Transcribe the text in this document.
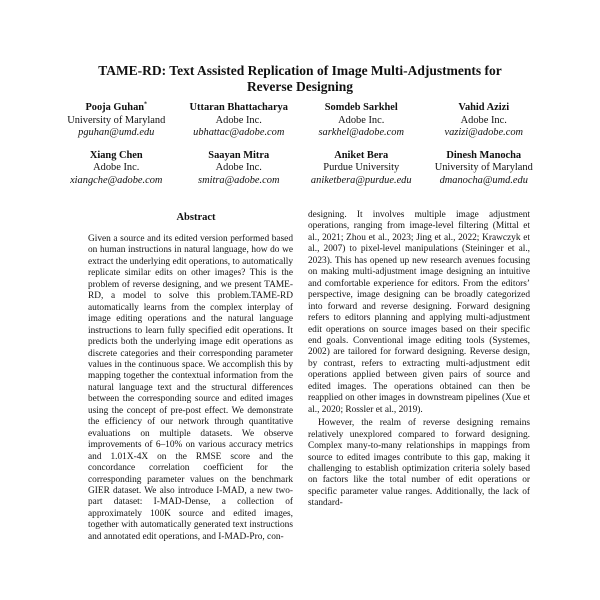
TAME-RD: Text Assisted Replication of Image Multi-Adjustments for
Reverse Designing
Pooja Guhan*
University of Maryland
pguhan@umd.edu
Uttaran Bhattacharya
Adobe Inc.
ubhattac@adobe.com
Somdeb Sarkhel
Adobe Inc.
sarkhel@adobe.com
Vahid Azizi
Adobe Inc.
vazizi@adobe.com
Xiang Chen
Adobe Inc.
xiangche@adobe.com
Saayan Mitra
Adobe Inc.
smitra@adobe.com
Aniket Bera
Purdue University
aniketbera@purdue.edu
Dinesh Manocha
University of Maryland
dmanocha@umd.edu
Abstract
Given a source and its edited version performed based on human instructions in natural language, how do we extract the underlying edit operations, to automatically replicate similar edits on other images? This is the problem of reverse designing, and we present TAME-RD, a model to solve this problem.TAME-RD automatically learns from the complex interplay of image editing operations and the natural language instructions to learn fully specified edit operations. It predicts both the underlying image edit operations as discrete categories and their corresponding parameter values in the continuous space. We accomplish this by mapping together the contextual information from the natural language text and the structural differences between the corresponding source and edited images using the concept of pre-post effect. We demonstrate the efficiency of our network through quantitative evaluations on multiple datasets. We observe improvements of 6–10% on various accuracy metrics and 1.01X-4X on the RMSE score and the concordance correlation coefficient for the corresponding parameter values on the benchmark GIER dataset. We also introduce I-MAD, a new two-part dataset: I-MAD-Dense, a collection of approximately 100K source and edited images, together with automatically generated text instructions and annotated edit operations, and I-MAD-Pro, con-

designing. It involves multiple image adjustment operations, ranging from image-level filtering (Mittal et al., 2021; Zhou et al., 2023; Jing et al., 2022; Krawczyk et al., 2007) to pixel-level manipulations (Steininger et al., 2023). This has opened up new research avenues focusing on making multi-adjustment image designing an intuitive and comfortable experience for editors. From the editors’ perspective, image designing can be broadly categorized into forward and reverse designing. Forward designing refers to editors planning and applying multi-adjustment edit operations on source images based on their specific end goals. Conventional image editing tools (Systemes, 2002) are tailored for forward designing. Reverse design, by contrast, refers to extracting multi-adjustment edit operations applied between given pairs of source and edited images. The operations obtained can then be reapplied on other images in downstream pipelines (Xue et al., 2020; Rossler et al., 2019).

However, the realm of reverse designing remains relatively unexplored compared to forward designing. Complex many-to-many relationships in mappings from source to edited images contribute to this gap, making it challenging to establish optimization criteria solely based on factors like the total number of edit operations or specific parameter value ranges. Additionally, the lack of standard-
